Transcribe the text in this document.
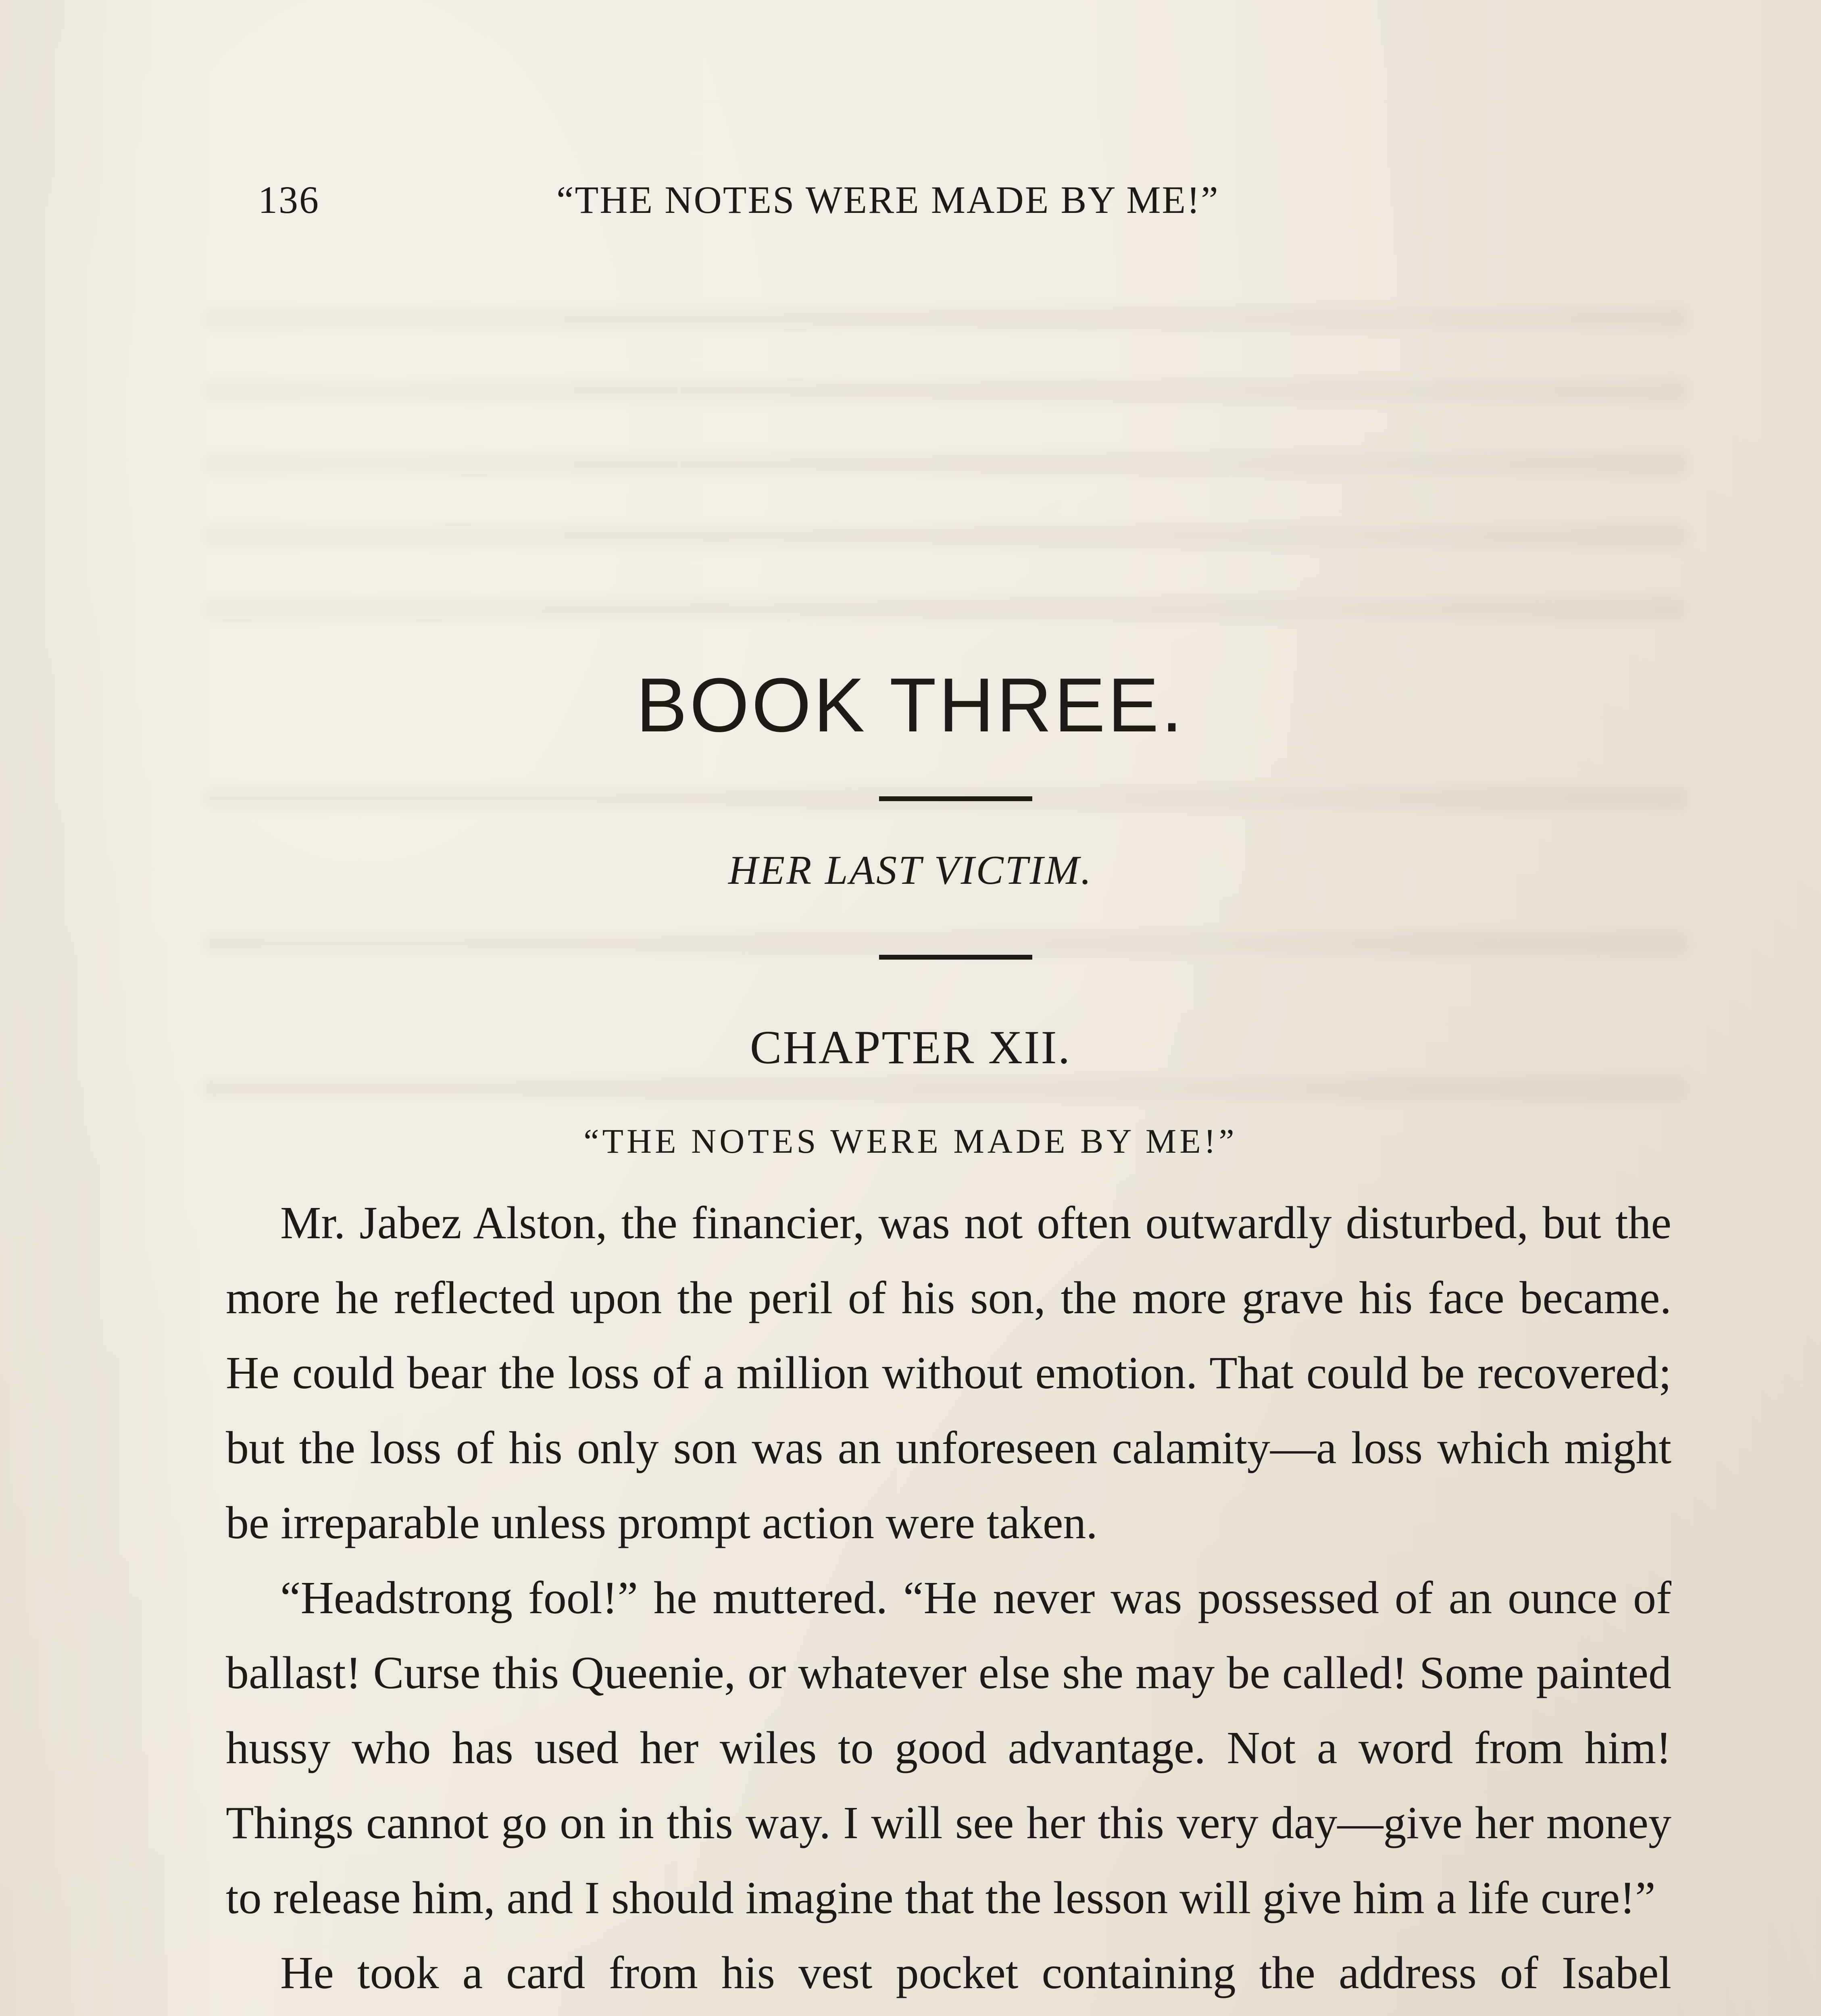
136	“THE NOTES WERE MADE BY ME!”
BOOK THREE.
HER LAST VICTIM.
CHAPTER XII.
“THE NOTES WERE MADE BY ME!”

Mr. Jabez Alston, the financier, was not often outwardly disturbed, but the more he reflected upon the peril of his son, the more grave his face became. He could bear the loss of a million without emotion. That could be recovered; but the loss of his only son was an unforeseen calamity—a loss which might be irreparable unless prompt action were taken.

“Headstrong fool!” he muttered. “He never was possessed of an ounce of ballast! Curse this Queenie, or whatever else she may be called! Some painted hussy who has used her wiles to good advantage. Not a word from him! Things cannot go on in this way. I will see her this very day—give her money to release him, and I should imagine that the lesson will give him a life cure!”

He took a card from his vest pocket containing the address of Isabel
